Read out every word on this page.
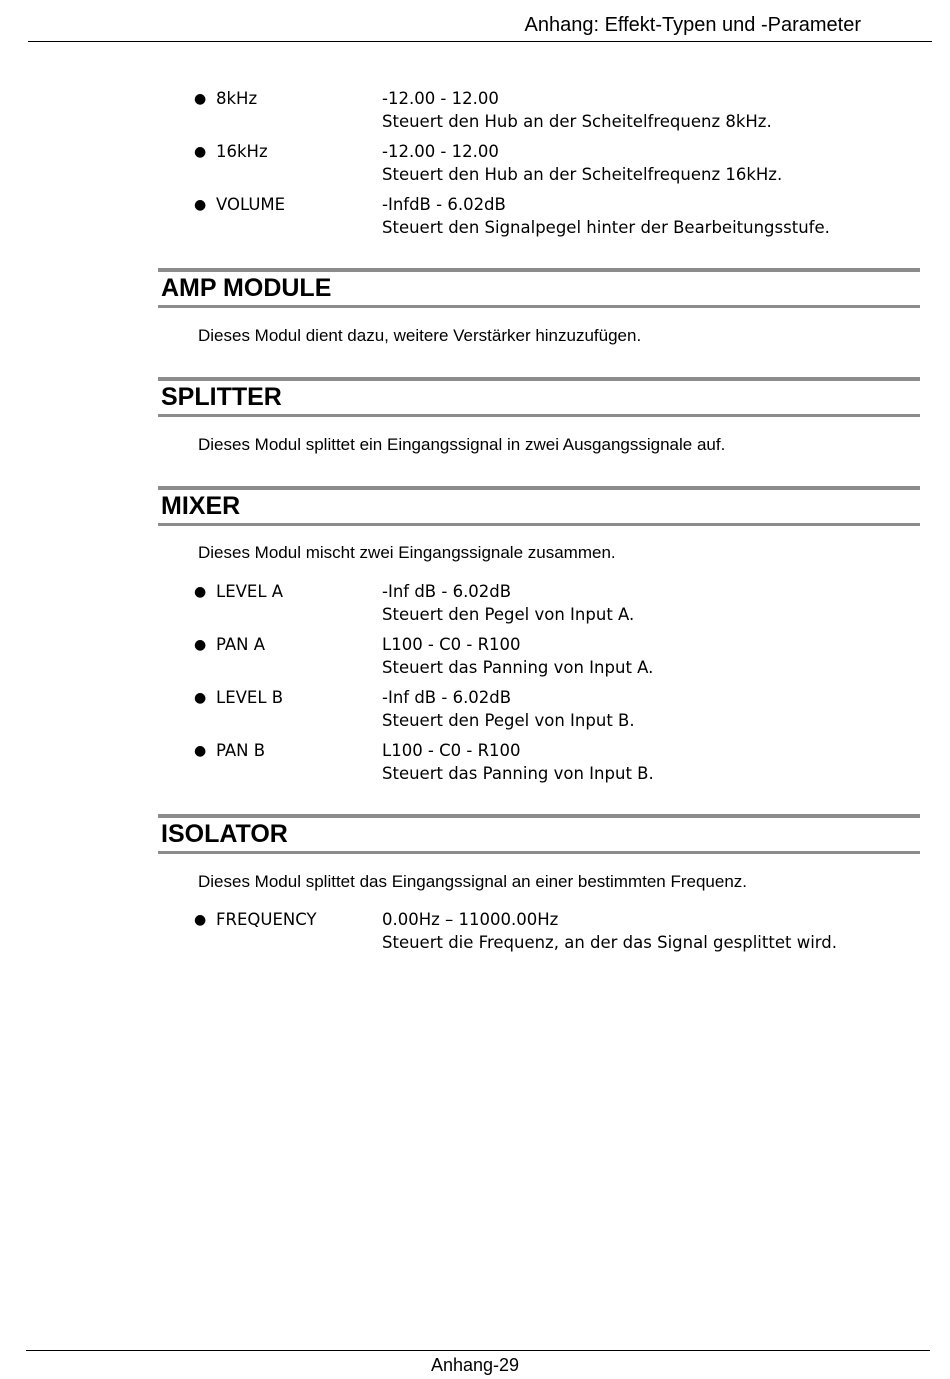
Anhang: Effekt-Typen und -Parameter
● 8kHz	-12.00 - 12.00
Steuert den Hub an der Scheitelfrequenz 8kHz.
● 16kHz	-12.00 - 12.00
Steuert den Hub an der Scheitelfrequenz 16kHz.
● VOLUME	-InfdB - 6.02dB
Steuert den Signalpegel hinter der Bearbeitungsstufe.
AMP MODULE
Dieses Modul dient dazu, weitere Verstärker hinzuzufügen.
SPLITTER
Dieses Modul splittet ein Eingangssignal in zwei Ausgangssignale auf.
MIXER
Dieses Modul mischt zwei Eingangssignale zusammen.
● LEVEL A	-Inf dB - 6.02dB
Steuert den Pegel von Input A.
● PAN A	L100 - C0 - R100
Steuert das Panning von Input A.
● LEVEL B	-Inf dB - 6.02dB
Steuert den Pegel von Input B.
● PAN B	L100 - C0 - R100
Steuert das Panning von Input B.
ISOLATOR
Dieses Modul splittet das Eingangssignal an einer bestimmten Frequenz.
● FREQUENCY	0.00Hz – 11000.00Hz
Steuert die Frequenz, an der das Signal gesplittet wird.
Anhang-29
